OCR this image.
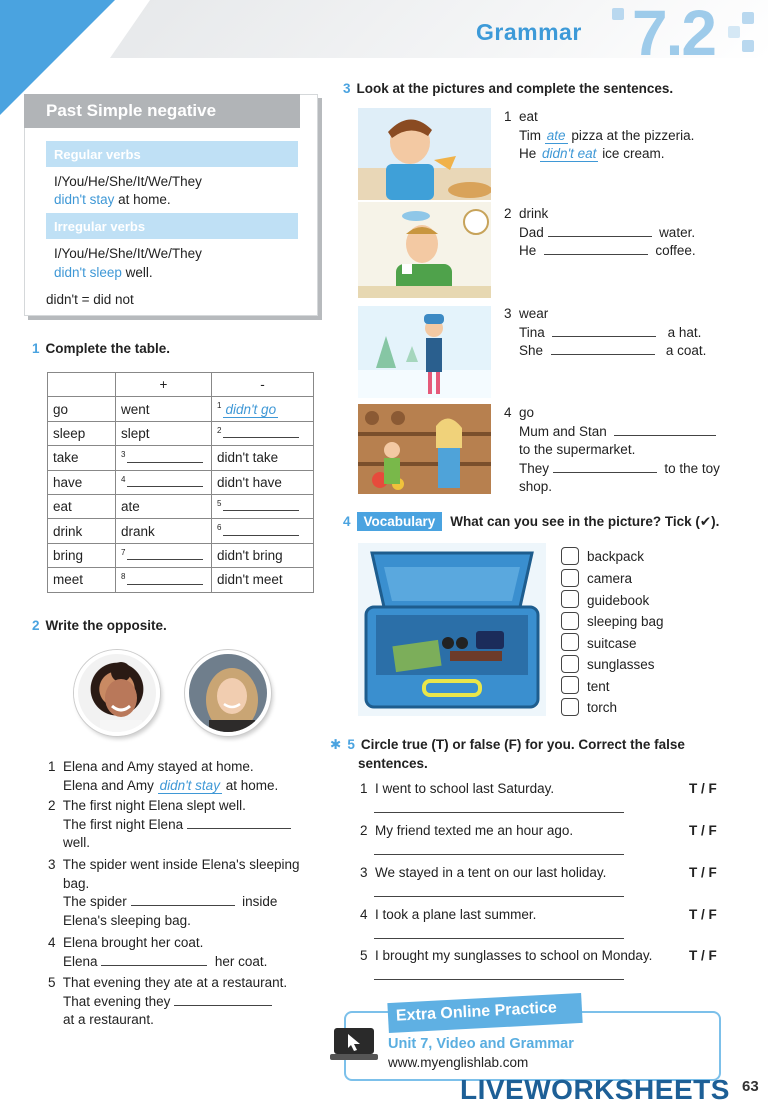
Grammar 7.2
Past Simple negative
Regular verbs
I/You/He/She/It/We/They
didn't stay at home.
Irregular verbs
I/You/He/She/It/We/They
didn't sleep well.
didn't = did not
1 Complete the table.
	+	-
go	went	$^1$ didn't go
sleep	slept	$^2$
take	$^3$	didn't take
have	$^4$	didn't have
eat	ate	$^5$
drink	drank	$^6$
bring	$^7$	didn't bring
meet	$^8$	didn't meet
2 Write the opposite.
1 Elena and Amy stayed at home.
Elena and Amy didn't stay at home.
2 The first night Elena slept well.
The first night Elena
well.
3 The spider went inside Elena's sleeping
bag.
The spider	inside
Elena's sleeping bag.
4 Elena brought her coat.
Elena	her coat.
5 That evening they ate at a restaurant.
That evening they
at a restaurant.
3 Look at the pictures and complete the sentences.
1 eat
Tim ate pizza at the pizzeria.
He didn't eat ice cream.
2 drink
Dad	water.
He	coffee.
3 wear
Tina	a hat.
She	a coat.
4 go
Mum and Stan
to the supermarket.
They	to the toy
shop.
4 Vocabulary What can you see in the picture? Tick (✔).
backpack
camera
guidebook
sleeping bag
suitcase
sunglasses
tent
torch
✱ 5 Circle true (T) or false (F) for you. Correct the false
sentences.
1 I went to school last Saturday.	T / F
2 My friend texted me an hour ago.	T / F
3 We stayed in a tent on our last holiday.	T / F
4 I took a plane last summer.	T / F
5 I brought my sunglasses to school on Monday.	T / F
Extra Online Practice
Unit 7, Video and Grammar
www.myenglishlab.com
LIVEWORKSHEETS 63
